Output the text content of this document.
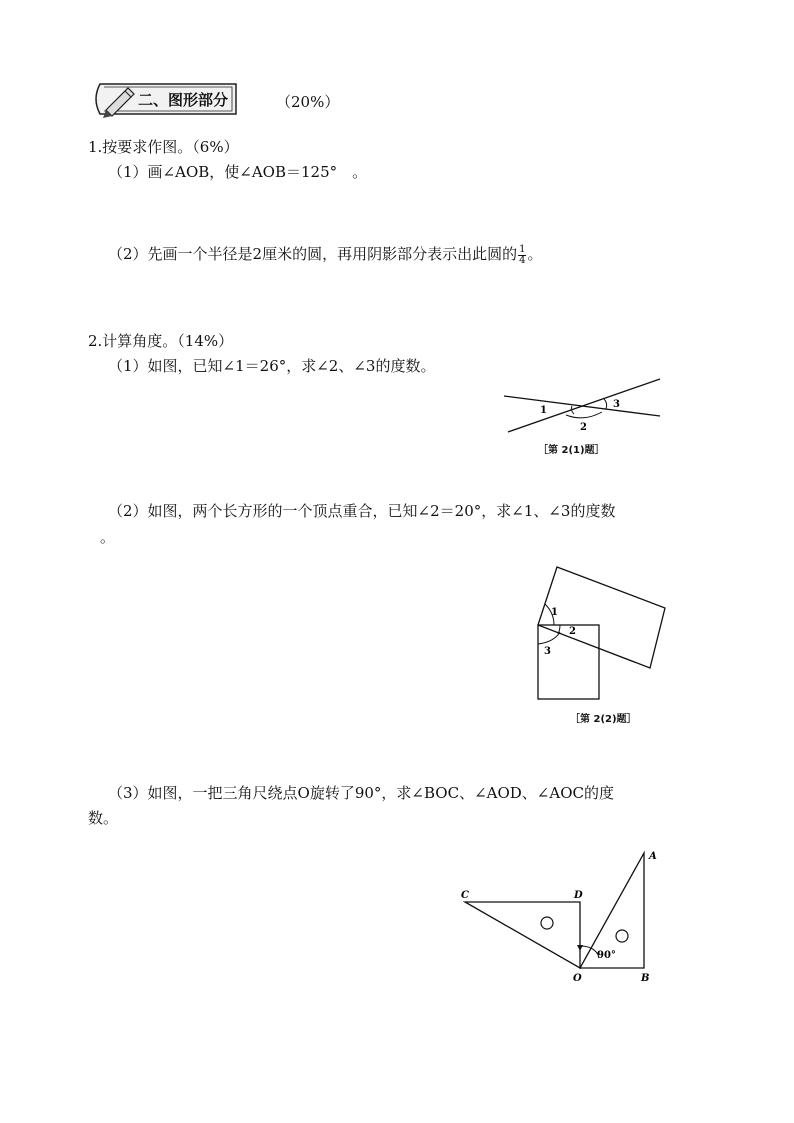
二、图形部分	（20%）
1.按要求作图。（6%）
（1）画∠AOB，使∠AOB＝125°　。
（2）先画一个半径是2厘米的圆，再用阴影部分表示出此圆的 $\frac{1}{4}$ 。
2.计算角度。（14%）
（1）如图，已知∠1＝26°，求∠2、∠3的度数。
1
2
3
［第 2(1)题］
（2）如图，两个长方形的一个顶点重合，已知∠2＝20°，求∠1、∠3的度数
。
1
2
3
［第 2(2)题］
（3）如图，一把三角尺绕点O旋转了90°，求∠BOC、∠AOD、∠AOC的度
数。
90°
A
B
C	D
O
